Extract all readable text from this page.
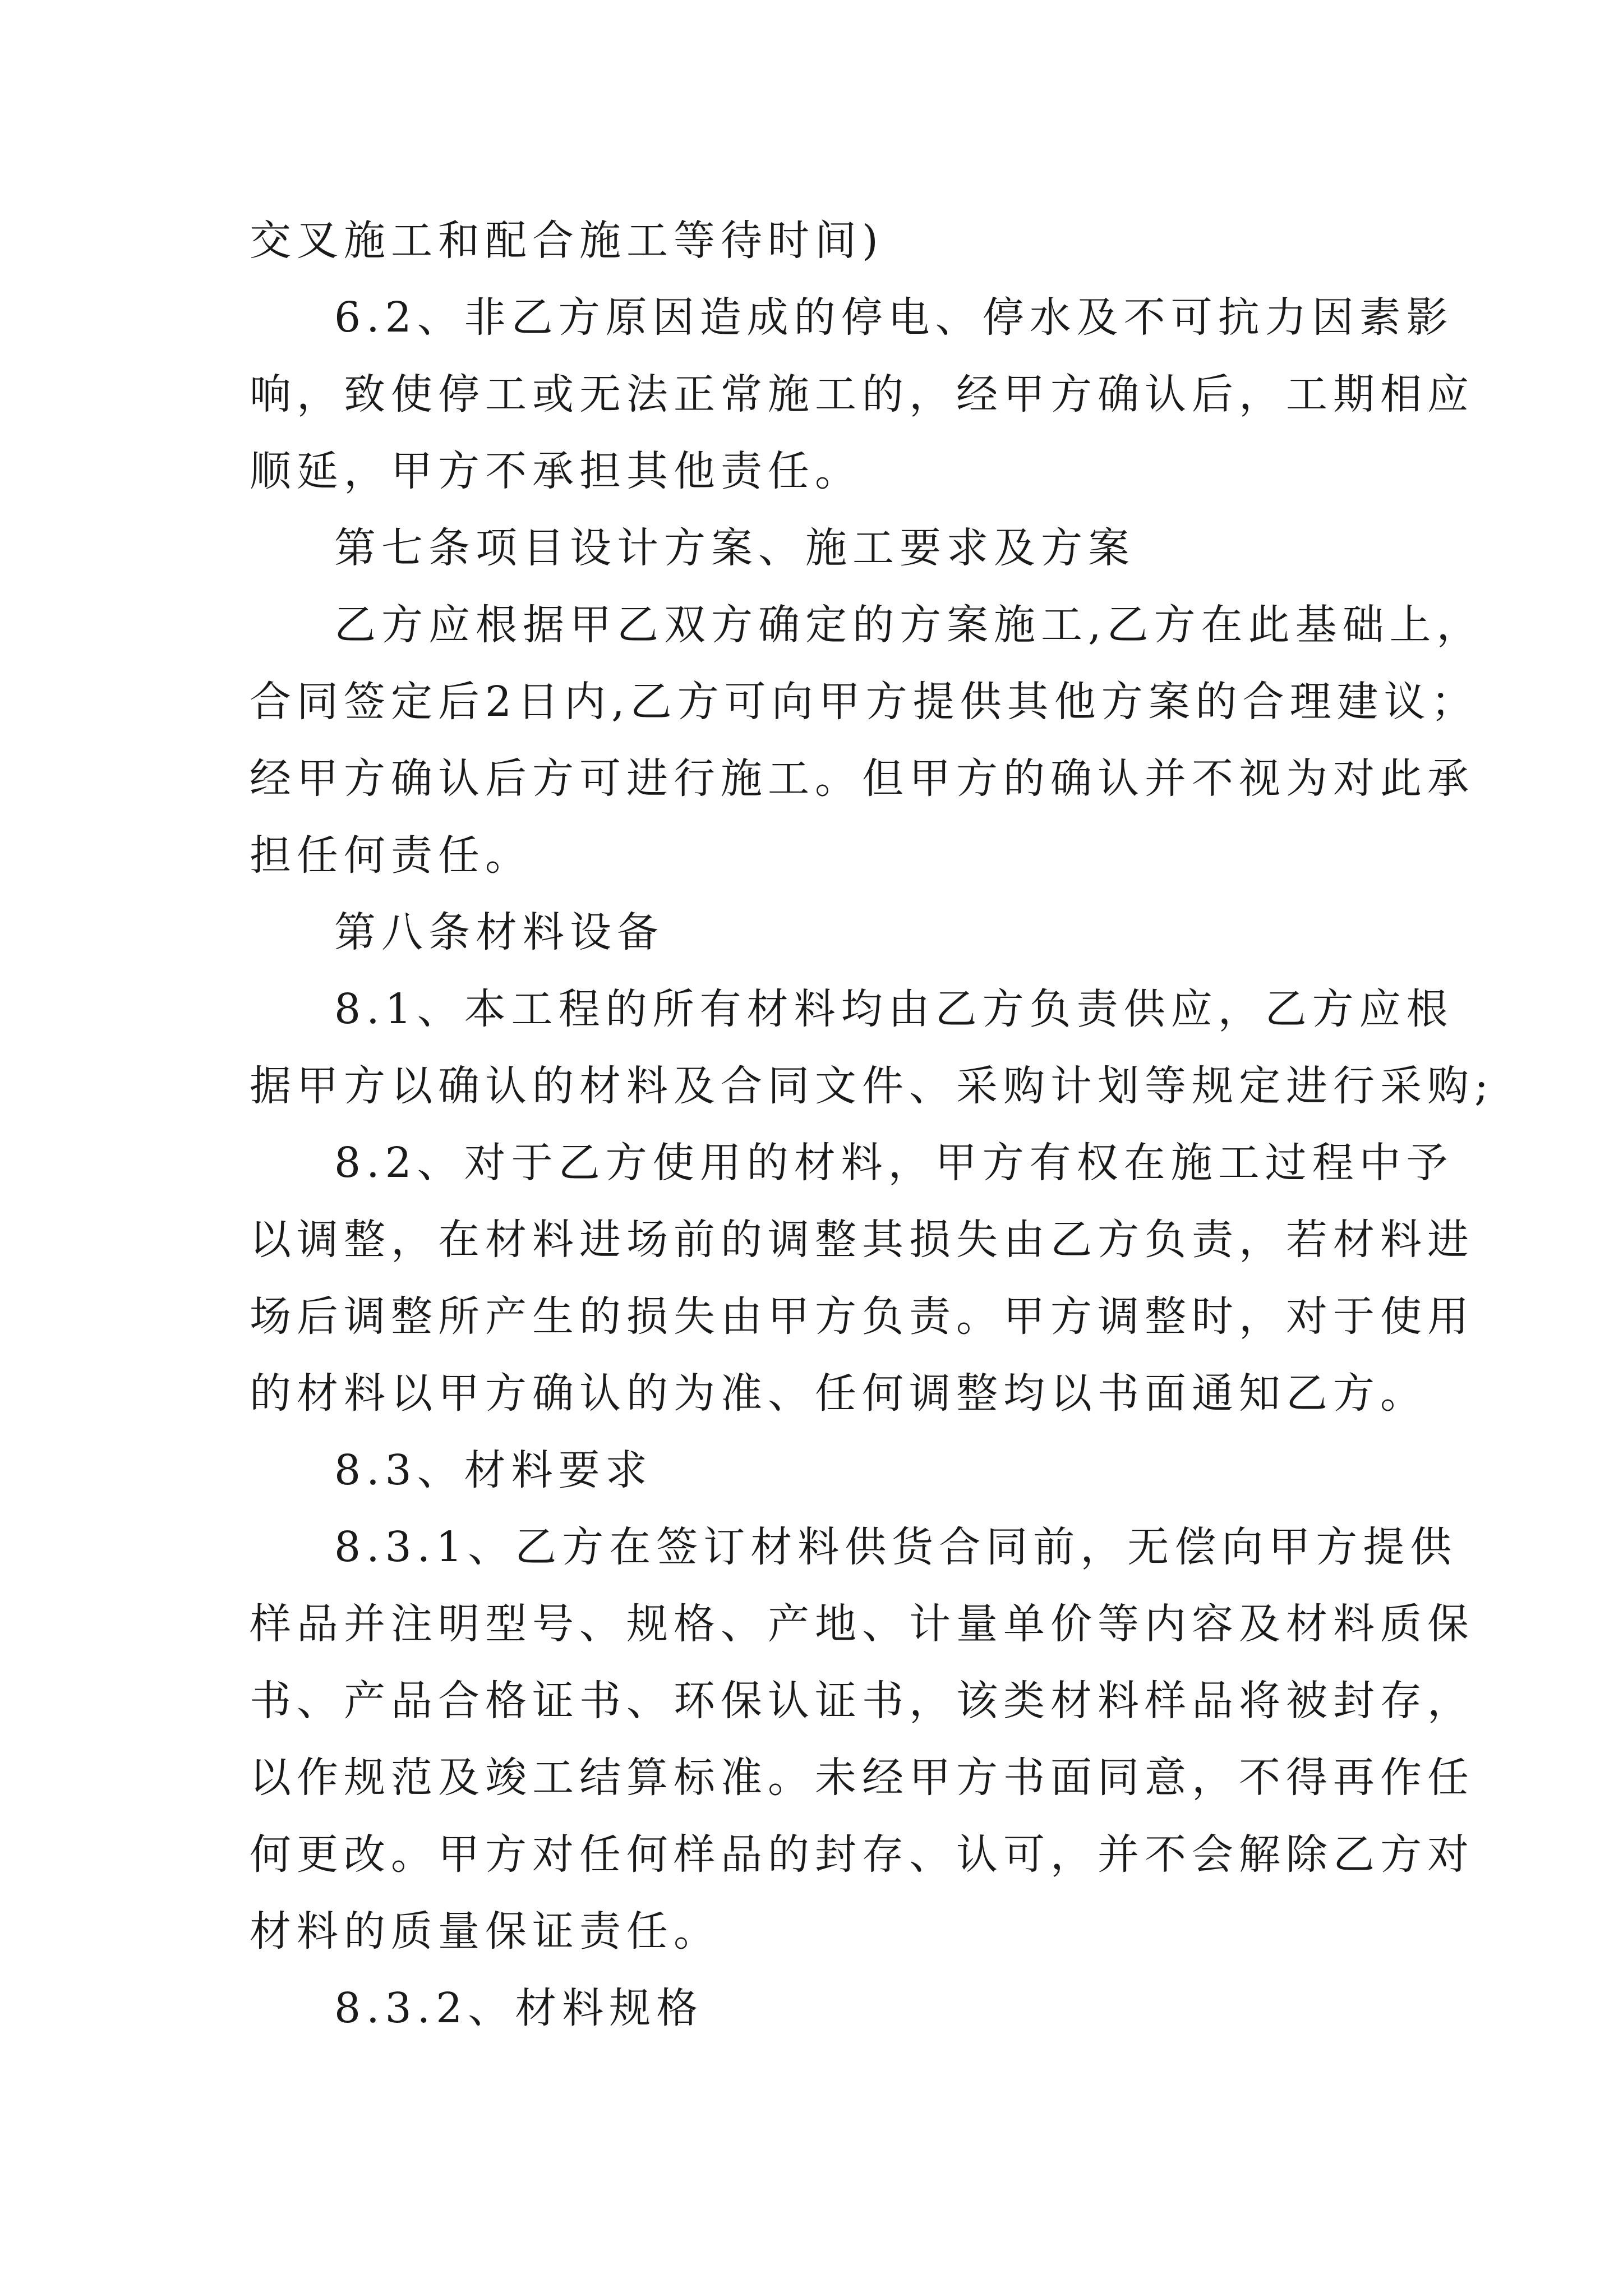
交叉施工和配合施工等待时间)
6.2、非乙方原因造成的停电、停水及不可抗力因素影
响，致使停工或无法正常施工的，经甲方确认后，工期相应
顺延，甲方不承担其他责任。
第七条项目设计方案、施工要求及方案
乙方应根据甲乙双方确定的方案施工,乙方在此基础上，
合同签定后2日内,乙方可向甲方提供其他方案的合理建议；
经甲方确认后方可进行施工。但甲方的确认并不视为对此承
担任何责任。
第八条材料设备
8.1、本工程的所有材料均由乙方负责供应，乙方应根
据甲方以确认的材料及合同文件、采购计划等规定进行采购;
8.2、对于乙方使用的材料，甲方有权在施工过程中予
以调整，在材料进场前的调整其损失由乙方负责，若材料进
场后调整所产生的损失由甲方负责。甲方调整时，对于使用
的材料以甲方确认的为准、任何调整均以书面通知乙方。
8.3、材料要求
8.3.1、乙方在签订材料供货合同前，无偿向甲方提供
样品并注明型号、规格、产地、计量单价等内容及材料质保
书、产品合格证书、环保认证书，该类材料样品将被封存，
以作规范及竣工结算标准。未经甲方书面同意，不得再作任
何更改。甲方对任何样品的封存、认可，并不会解除乙方对
材料的质量保证责任。
8.3.2、材料规格
